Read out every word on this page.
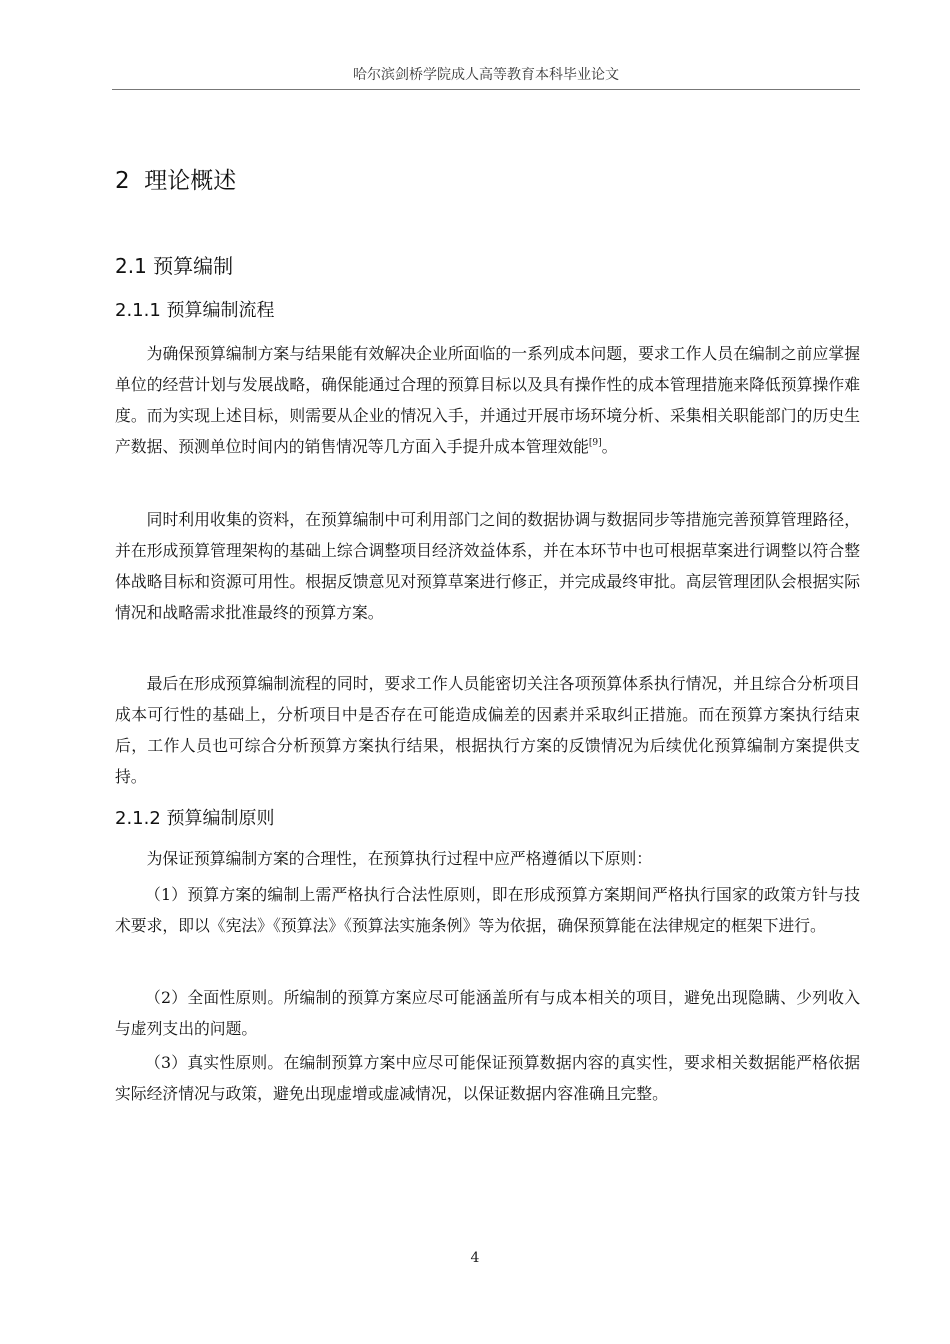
哈尔滨剑桥学院成人高等教育本科毕业论文
2 理论概述
2.1 预算编制
2.1.1 预算编制流程

为确保预算编制方案与结果能有效解决企业所面临的一系列成本问题，要求工作人员在编制之前应掌握单位的经营计划与发展战略，确保能通过合理的预算目标以及具有操作性的成本管理措施来降低预算操作难度。而为实现上述目标，则需要从企业的情况入手，并通过开展市场环境分析、采集相关职能部门的历史生产数据、预测单位时间内的销售情况等几方面入手提升成本管理效能[9]。

同时利用收集的资料，在预算编制中可利用部门之间的数据协调与数据同步等措施完善预算管理路径，并在形成预算管理架构的基础上综合调整项目经济效益体系，并在本环节中也可根据草案进行调整以符合整体战略目标和资源可用性。根据反馈意见对预算草案进行修正，并完成最终审批。高层管理团队会根据实际情况和战略需求批准最终的预算方案。

最后在形成预算编制流程的同时，要求工作人员能密切关注各项预算体系执行情况，并且综合分析项目成本可行性的基础上，分析项目中是否存在可能造成偏差的因素并采取纠正措施。而在预算方案执行结束后，工作人员也可综合分析预算方案执行结果，根据执行方案的反馈情况为后续优化预算编制方案提供支持。

2.1.2 预算编制原则

为保证预算编制方案的合理性，在预算执行过程中应严格遵循以下原则：

（1）预算方案的编制上需严格执行合法性原则，即在形成预算方案期间严格执行国家的政策方针与技术要求，即以《宪法》《预算法》《预算法实施条例》等为依据，确保预算能在法律规定的框架下进行。

（2）全面性原则。所编制的预算方案应尽可能涵盖所有与成本相关的项目，避免出现隐瞒、少列收入与虚列支出的问题。

（3）真实性原则。在编制预算方案中应尽可能保证预算数据内容的真实性，要求相关数据能严格依据实际经济情况与政策，避免出现虚增或虚减情况，以保证数据内容准确且完整。

4
